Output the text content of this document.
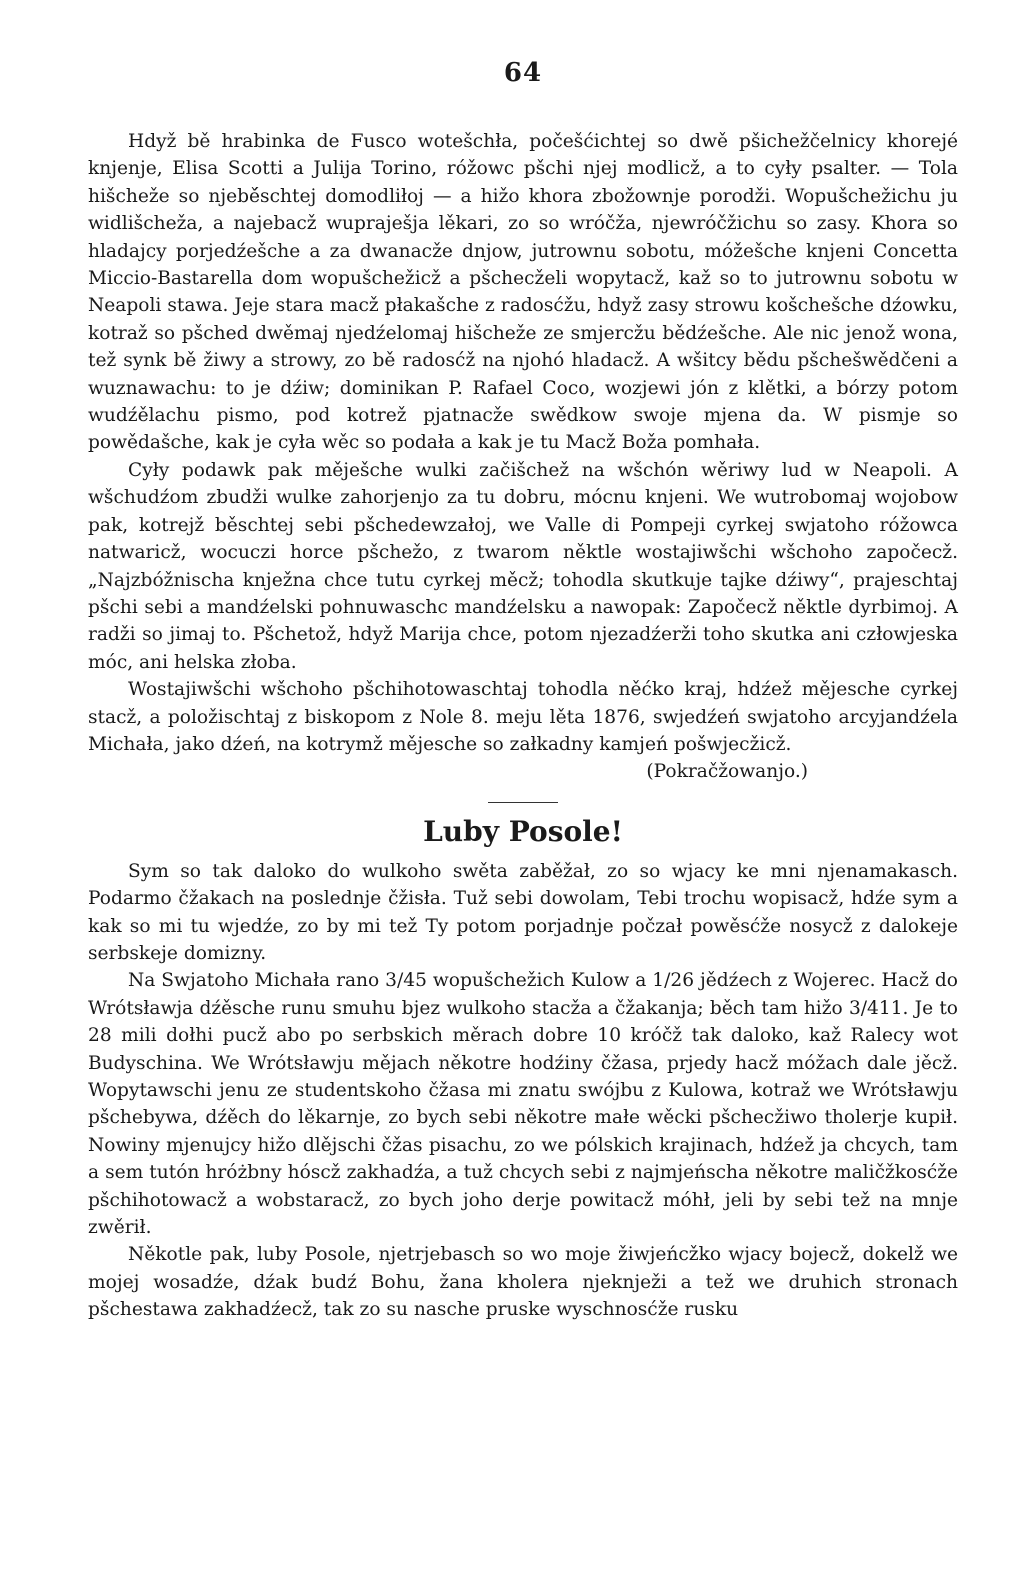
64

Hdyž bě hrabinka de Fusco wotešchła, počešćichtej so dwě pšichežčelnicy khorejé knjenje, Elisa Scotti a Julija Torino, róžowc pšchi njej modlicž, a to cyły psalter. — Tola hišcheže so njebě́schtej domodliłoj — a hižo khora zbožownje porodži. Wopušchežichu ju widlišcheža, a najebacž wupraješja lěkari, zo so wróčža, njewróčžichu so zasy. Khora so hladajcy porjedźešche a za dwanacže dnjow, jutrownu sobotu, móžešche knjeni Concetta Miccio-Bastarella dom wopušchežicž a pšchecželi wopytacž, kaž so to jutrownu sobotu w Neapoli stawa. Jeje stara macž płakašche z radosćžu, hdyž zasy strowu košchešche dźowku, kotraž so pšched dwěmaj njedźelomaj hišcheže ze smjercžu bědźešche. Ale nic jenož wona, tež synk bě žiwy a strowy, zo bě radosćž na njohó hladacž. A wšitcy bědu pšchešwědčeni a wuznawachu: to je dźiw; dominikan P. Rafael Coco, wozjewi jón z klětki, a bórzy potom wudźělachu pismo, pod kotrež pjatnacže swědkow swoje mjena da. W pismje so powědašche, kak je cyła wěc so podała a kak je tu Macž Boža pomhała.

Cyły podawk pak měješche wulki začišchež na wšchón wěriwy lud w Neapoli. A wšchudźom zbudži wulke zahorjenjo za tu dobru, mócnu knjeni. We wutrobomaj wojobow pak, kotrejž běschtej sebi pšchedewzałoj, we Valle di Pompeji cyrkej swjatoho róžowca natwaricž, wocuczi horce pšchežo, z twarom něktle wostajiwšchi wšchoho započecž. „Najzbóžnischa knježna chce tutu cyrkej měcž; tohodla skutkuje tajke dźiwy“, prajeschtaj pšchi sebi a mandźelski pohnuwaschc mandźelsku a nawopak: Započecž něktle dyrbimoj. A radži so jimaj to. Pšchetož, hdyž Marija chce, potom njezadźerži toho skutka ani człowjeska móc, ani helska złoba.

Wostajiwšchi wšchoho pšchihotowaschtaj tohodla něćko kraj, hdźež mějesche cyrkej stacž, a položischtaj z biskopom z Nole 8. meju lěta 1876, swjedźeń swjatoho arcyjandźela Michała, jako dźeń, na kotrymž mějesche so załkadny kamjeń pošwjecžicž.

(Pokračžowanjo.)

Luby Posole!

Sym so tak daloko do wulkoho swěta zaběžał, zo so wjacy ke mni njenamakasch. Podarmo čžakach na poslednje čžisła. Tuž sebi dowolam, Tebi trochu wopisacž, hdźe sym a kak so mi tu wjedźe, zo by mi tež Ty potom porjadnje počzał powěsćže nosycž z dalokeje serbskeje domizny.

Na Swjatoho Michała rano 3/45 wopušchežich Kulow a 1/26 jědźech z Wojerec. Hacž do Wrótsławja dźěsche runu smuhu bjez wulkoho stacža a čžakanja; běch tam hižo 3/411. Je to 28 mili dołhi pucž abo po serbskich měrach dobre 10 króčž tak daloko, kaž Ralecy wot Budyschina. We Wrótsławju mějach někotre hodźiny čžasa, prjedy hacž móžach dale jěcž. Wopytawschi jenu ze studentskoho čžasa mi znatu swójbu z Kulowa, kotraž we Wrótsławju pšchebywa, dźěch do lěkarnje, zo bych sebi někotre małe wěcki pšchecžiwo tholerje kupił. Nowiny mjenujcy hižo dlějschi čžas pisachu, zo we pólskich krajinach, hdźež ja chcych, tam a sem tutón hróżbny hóscž zakhadźa, a tuž chcych sebi z najmjeńscha někotre maličžkosćže pšchihotowacž a wobstaracž, zo bych joho derje powitacž móhł, jeli by sebi tež na mnje zwěrił.

Někotle pak, luby Posole, njetrjebasch so wo moje žiwjeńcžko wjacy bojecž, dokelž we mojej wosadźe, dźak budź Bohu, žana kholera njeknježi a tež we druhich stronach pšchestawa zakhadźecž, tak zo su nasche pruske wyschnosćže rusku
